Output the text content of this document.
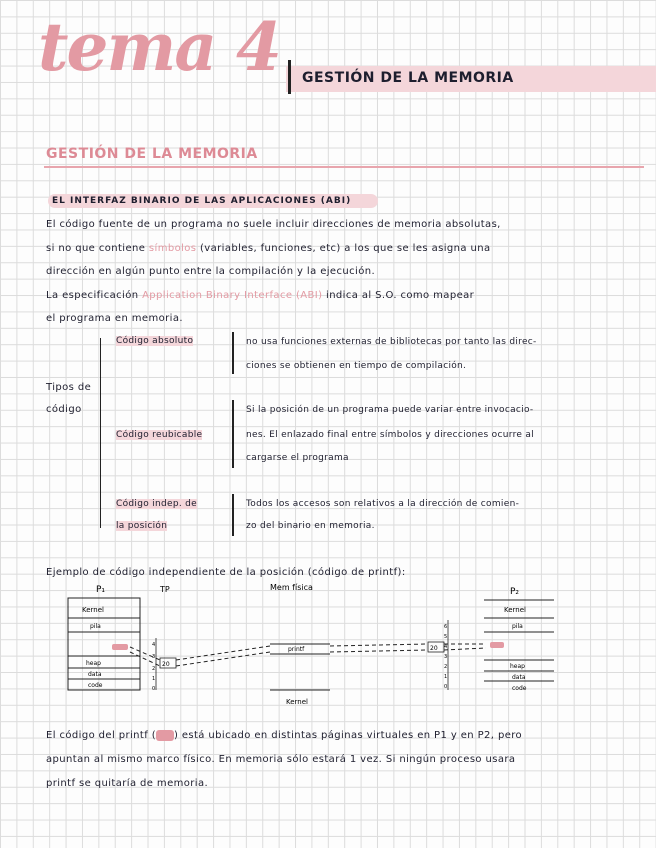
tema 4 GESTIÓN DE LA MEMORIA
GESTIÓN DE LA MEMORIA
EL INTERFAZ BINARIO DE LAS APLICACIONES (ABI)
El código fuente de un programa no suele incluir direcciones de memoria absolutas,
si no que contiene símbolos (variables, funciones, etc) a los que se les asigna una
dirección en algún punto entre la compilación y la ejecución.
La especificación Application Binary Interface (ABI) indica al S.O. como mapear
el programa en memoria.
Tipos de
código
Código absoluto	no usa funciones externas de bibliotecas por tanto las direc-
ciones se obtienen en tiempo de compilación.
Código reubicable
Si la posición de un programa puede variar entre invocacio-
nes. El enlazado final entre símbolos y direcciones ocurre al
cargarse el programa
Código indep. de
la posición
Todos los accesos son relativos a la dirección de comien-
zo del binario en memoria.
Ejemplo de código independiente de la posición (código de printf):
P₁	TP	Mem física	P₂
Kernel
pila
heap
data
code
4
3
2
1
0
20
printf
Kernel
20
6
5
4
3
2
1
0
Kernel
pila
heap
data
code
El código del printf ( ) está ubicado en distintas páginas virtuales en P1 y en P2, pero
apuntan al mismo marco físico. En memoria sólo estará 1 vez. Si ningún proceso usara
printf se quitaría de memoria.
